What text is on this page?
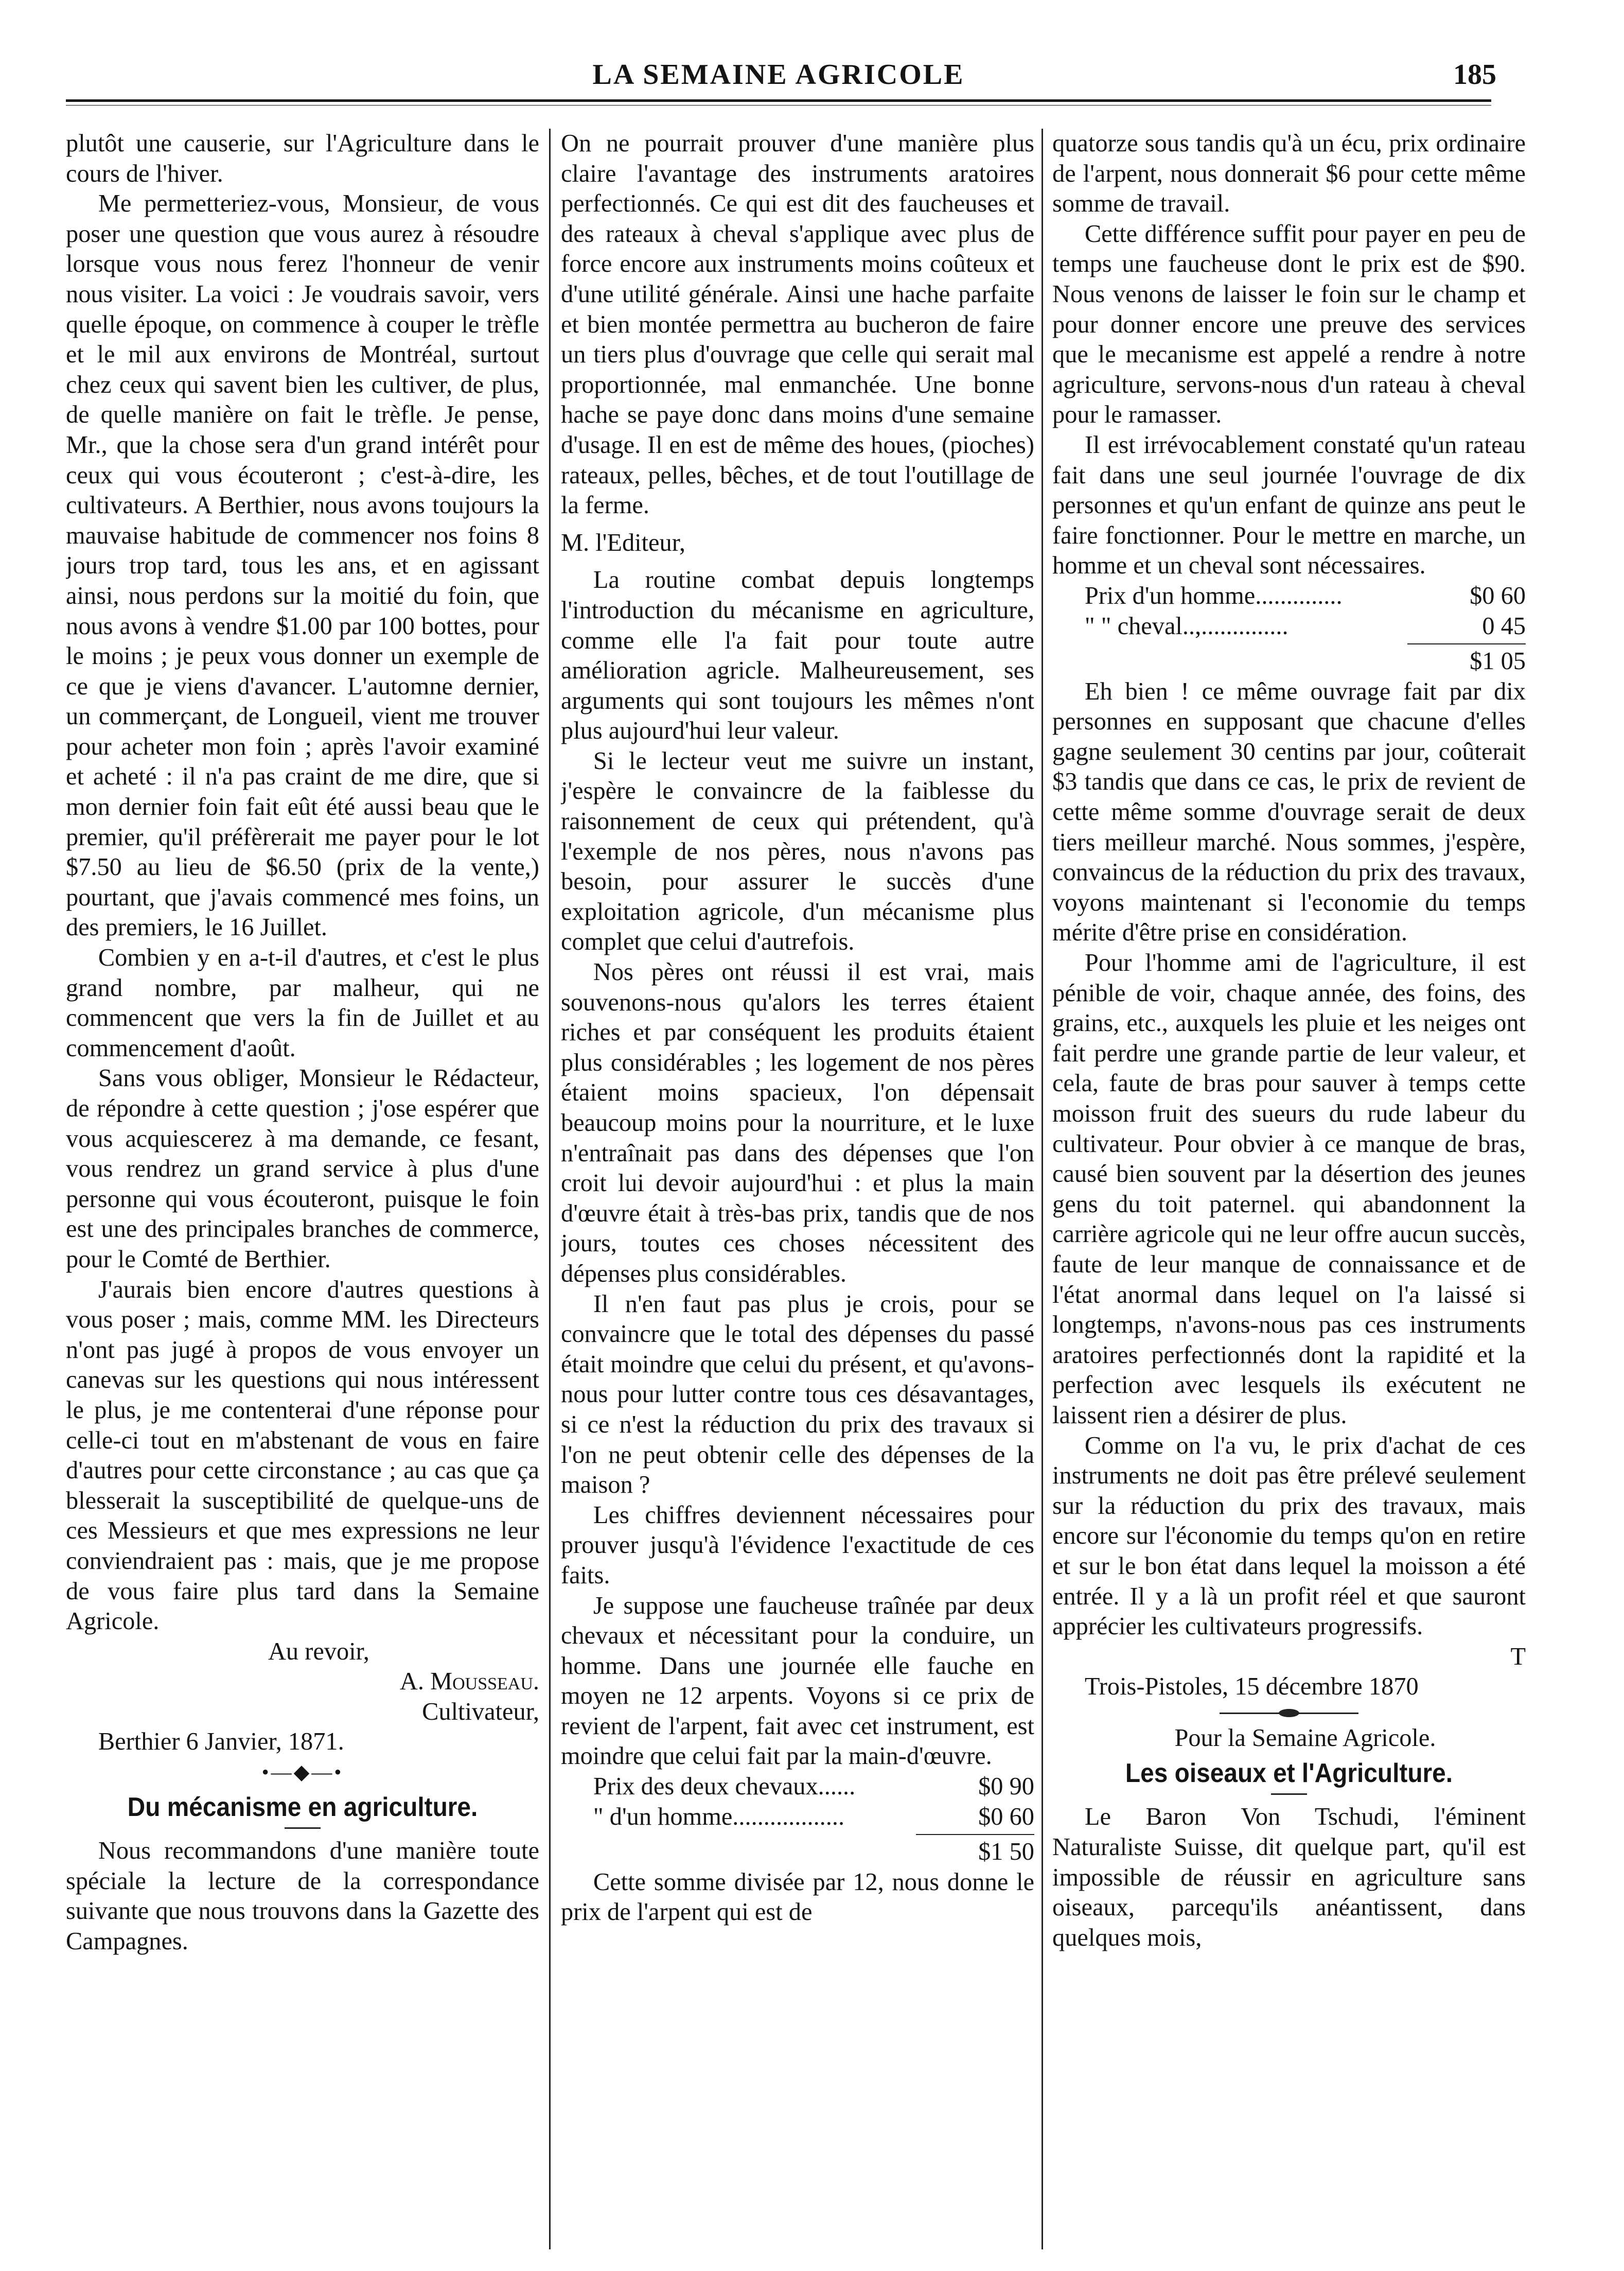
LA SEMAINE AGRICOLE	185

plutôt une causerie, sur l'Agriculture dans le cours de l'hiver.

Me permetteriez-vous, Monsieur, de vous poser une question que vous aurez à résoudre lorsque vous nous ferez l'honneur de venir nous visiter. La voici : Je voudrais savoir, vers quelle époque, on commence à couper le trèfle et le mil aux environs de Montréal, surtout chez ceux qui savent bien les cultiver, de plus, de quelle manière on fait le trèfle. Je pense, Mr., que la chose sera d'un grand intérêt pour ceux qui vous écouteront ; c'est-à-dire, les cultivateurs. A Berthier, nous avons toujours la mauvaise habitude de commencer nos foins 8 jours trop tard, tous les ans, et en agissant ainsi, nous perdons sur la moitié du foin, que nous avons à vendre $1.00 par 100 bottes, pour le moins ; je peux vous donner un exemple de ce que je viens d'avancer. L'automne dernier, un commerçant, de Longueil, vient me trouver pour acheter mon foin ; après l'avoir examiné et acheté : il n'a pas craint de me dire, que si mon dernier foin fait eût été aussi beau que le premier, qu'il préfèrerait me payer pour le lot $7.50 au lieu de $6.50 (prix de la vente,) pourtant, que j'avais commencé mes foins, un des premiers, le 16 Juillet.

Combien y en a-t-il d'autres, et c'est le plus grand nombre, par malheur, qui ne commencent que vers la fin de Juillet et au commencement d'août.

Sans vous obliger, Monsieur le Rédacteur, de répondre à cette question ; j'ose espérer que vous acquiescerez à ma demande, ce fesant, vous rendrez un grand service à plus d'une personne qui vous écouteront, puisque le foin est une des principales branches de commerce, pour le Comté de Berthier.

J'aurais bien encore d'autres questions à vous poser ; mais, comme MM. les Directeurs n'ont pas jugé à propos de vous envoyer un canevas sur les questions qui nous intéressent le plus, je me contenterai d'une réponse pour celle-ci tout en m'abstenant de vous en faire d'autres pour cette circonstance ; au cas que ça blesserait la susceptibilité de quelque-uns de ces Messieurs et que mes expressions ne leur conviendraient pas : mais, que je me propose de vous faire plus tard dans la Semaine Agricole.

Au revoir,

A. Mousseau.

Cultivateur,

Berthier 6 Janvier, 1871.

•—◆—•
Du mécanisme en agriculture.

Nous recommandons d'une manière toute spéciale la lecture de la correspondance suivante que nous trouvons dans la Gazette des Campagnes.

On ne pourrait prouver d'une manière plus claire l'avantage des instruments aratoires perfectionnés. Ce qui est dit des faucheuses et des rateaux à cheval s'applique avec plus de force encore aux instruments moins coûteux et d'une utilité générale. Ainsi une hache parfaite et bien montée permettra au bucheron de faire un tiers plus d'ouvrage que celle qui serait mal proportionnée, mal enmanchée. Une bonne hache se paye donc dans moins d'une semaine d'usage. Il en est de même des houes, (pioches) rateaux, pelles, bêches, et de tout l'outillage de la ferme.

M. l'Editeur,

La routine combat depuis longtemps l'introduction du mécanisme en agriculture, comme elle l'a fait pour toute autre amélioration agricle. Malheureusement, ses arguments qui sont toujours les mêmes n'ont plus aujourd'hui leur valeur.

Si le lecteur veut me suivre un instant, j'espère le convaincre de la faiblesse du raisonnement de ceux qui prétendent, qu'à l'exemple de nos pères, nous n'avons pas besoin, pour assurer le succès d'une exploitation agricole, d'un mécanisme plus complet que celui d'autrefois.

Nos pères ont réussi il est vrai, mais souvenons-nous qu'alors les terres étaient riches et par conséquent les produits étaient plus considérables ; les logement de nos pères étaient moins spacieux, l'on dépensait beaucoup moins pour la nourriture, et le luxe n'entraînait pas dans des dépenses que l'on croit lui devoir aujourd'hui : et plus la main d'œuvre était à très-bas prix, tandis que de nos jours, toutes ces choses nécessitent des dépenses plus considérables.

Il n'en faut pas plus je crois, pour se convaincre que le total des dépenses du passé était moindre que celui du présent, et qu'avons-nous pour lutter contre tous ces désavantages, si ce n'est la réduction du prix des travaux si l'on ne peut obtenir celle des dépenses de la maison ?

Les chiffres deviennent nécessaires pour prouver jusqu'à l'évidence l'exactitude de ces faits.

Je suppose une faucheuse traînée par deux chevaux et nécessitant pour la conduire, un homme. Dans une journée elle fauche en moyen ne 12 arpents. Voyons si ce prix de revient de l'arpent, fait avec cet instrument, est moindre que celui fait par la main-d'œuvre.

Prix des deux chevaux......	$0 90
" d'un homme..................	$0 60
$1 50

Cette somme divisée par 12, nous donne le prix de l'arpent qui est de

quatorze sous tandis qu'à un écu, prix ordinaire de l'arpent, nous donnerait $6 pour cette même somme de travail.

Cette différence suffit pour payer en peu de temps une faucheuse dont le prix est de $90. Nous venons de laisser le foin sur le champ et pour donner encore une preuve des services que le mecanisme est appelé a rendre à notre agriculture, servons-nous d'un rateau à cheval pour le ramasser.

Il est irrévocablement constaté qu'un rateau fait dans une seul journée l'ouvrage de dix personnes et qu'un enfant de quinze ans peut le faire fonctionner. Pour le mettre en marche, un homme et un cheval sont nécessaires.

Prix d'un homme..............	$0 60
" " cheval..,..............	0 45
$1 05

Eh bien ! ce même ouvrage fait par dix personnes en supposant que chacune d'elles gagne seulement 30 centins par jour, coûterait $3 tandis que dans ce cas, le prix de revient de cette même somme d'ouvrage serait de deux tiers meilleur marché. Nous sommes, j'espère, convaincus de la réduction du prix des travaux, voyons maintenant si l'economie du temps mérite d'être prise en considération.

Pour l'homme ami de l'agriculture, il est pénible de voir, chaque année, des foins, des grains, etc., auxquels les pluie et les neiges ont fait perdre une grande partie de leur valeur, et cela, faute de bras pour sauver à temps cette moisson fruit des sueurs du rude labeur du cultivateur. Pour obvier à ce manque de bras, causé bien souvent par la désertion des jeunes gens du toit paternel. qui abandonnent la carrière agricole qui ne leur offre aucun succès, faute de leur manque de connaissance et de l'état anormal dans lequel on l'a laissé si longtemps, n'avons-nous pas ces instruments aratoires perfectionnés dont la rapidité et la perfection avec lesquels ils exécutent ne laissent rien a désirer de plus.

Comme on l'a vu, le prix d'achat de ces instruments ne doit pas être prélevé seulement sur la réduction du prix des travaux, mais encore sur l'économie du temps qu'on en retire et sur le bon état dans lequel la moisson a été entrée. Il y a là un profit réel et que sauront apprécier les cultivateurs progressifs.

T

Trois-Pistoles, 15 décembre 1870

Pour la Semaine Agricole.

Les oiseaux et l'Agriculture.

Le Baron Von Tschudi, l'éminent Naturaliste Suisse, dit quelque part, qu'il est impossible de réussir en agriculture sans oiseaux, parcequ'ils anéantissent, dans quelques mois,
